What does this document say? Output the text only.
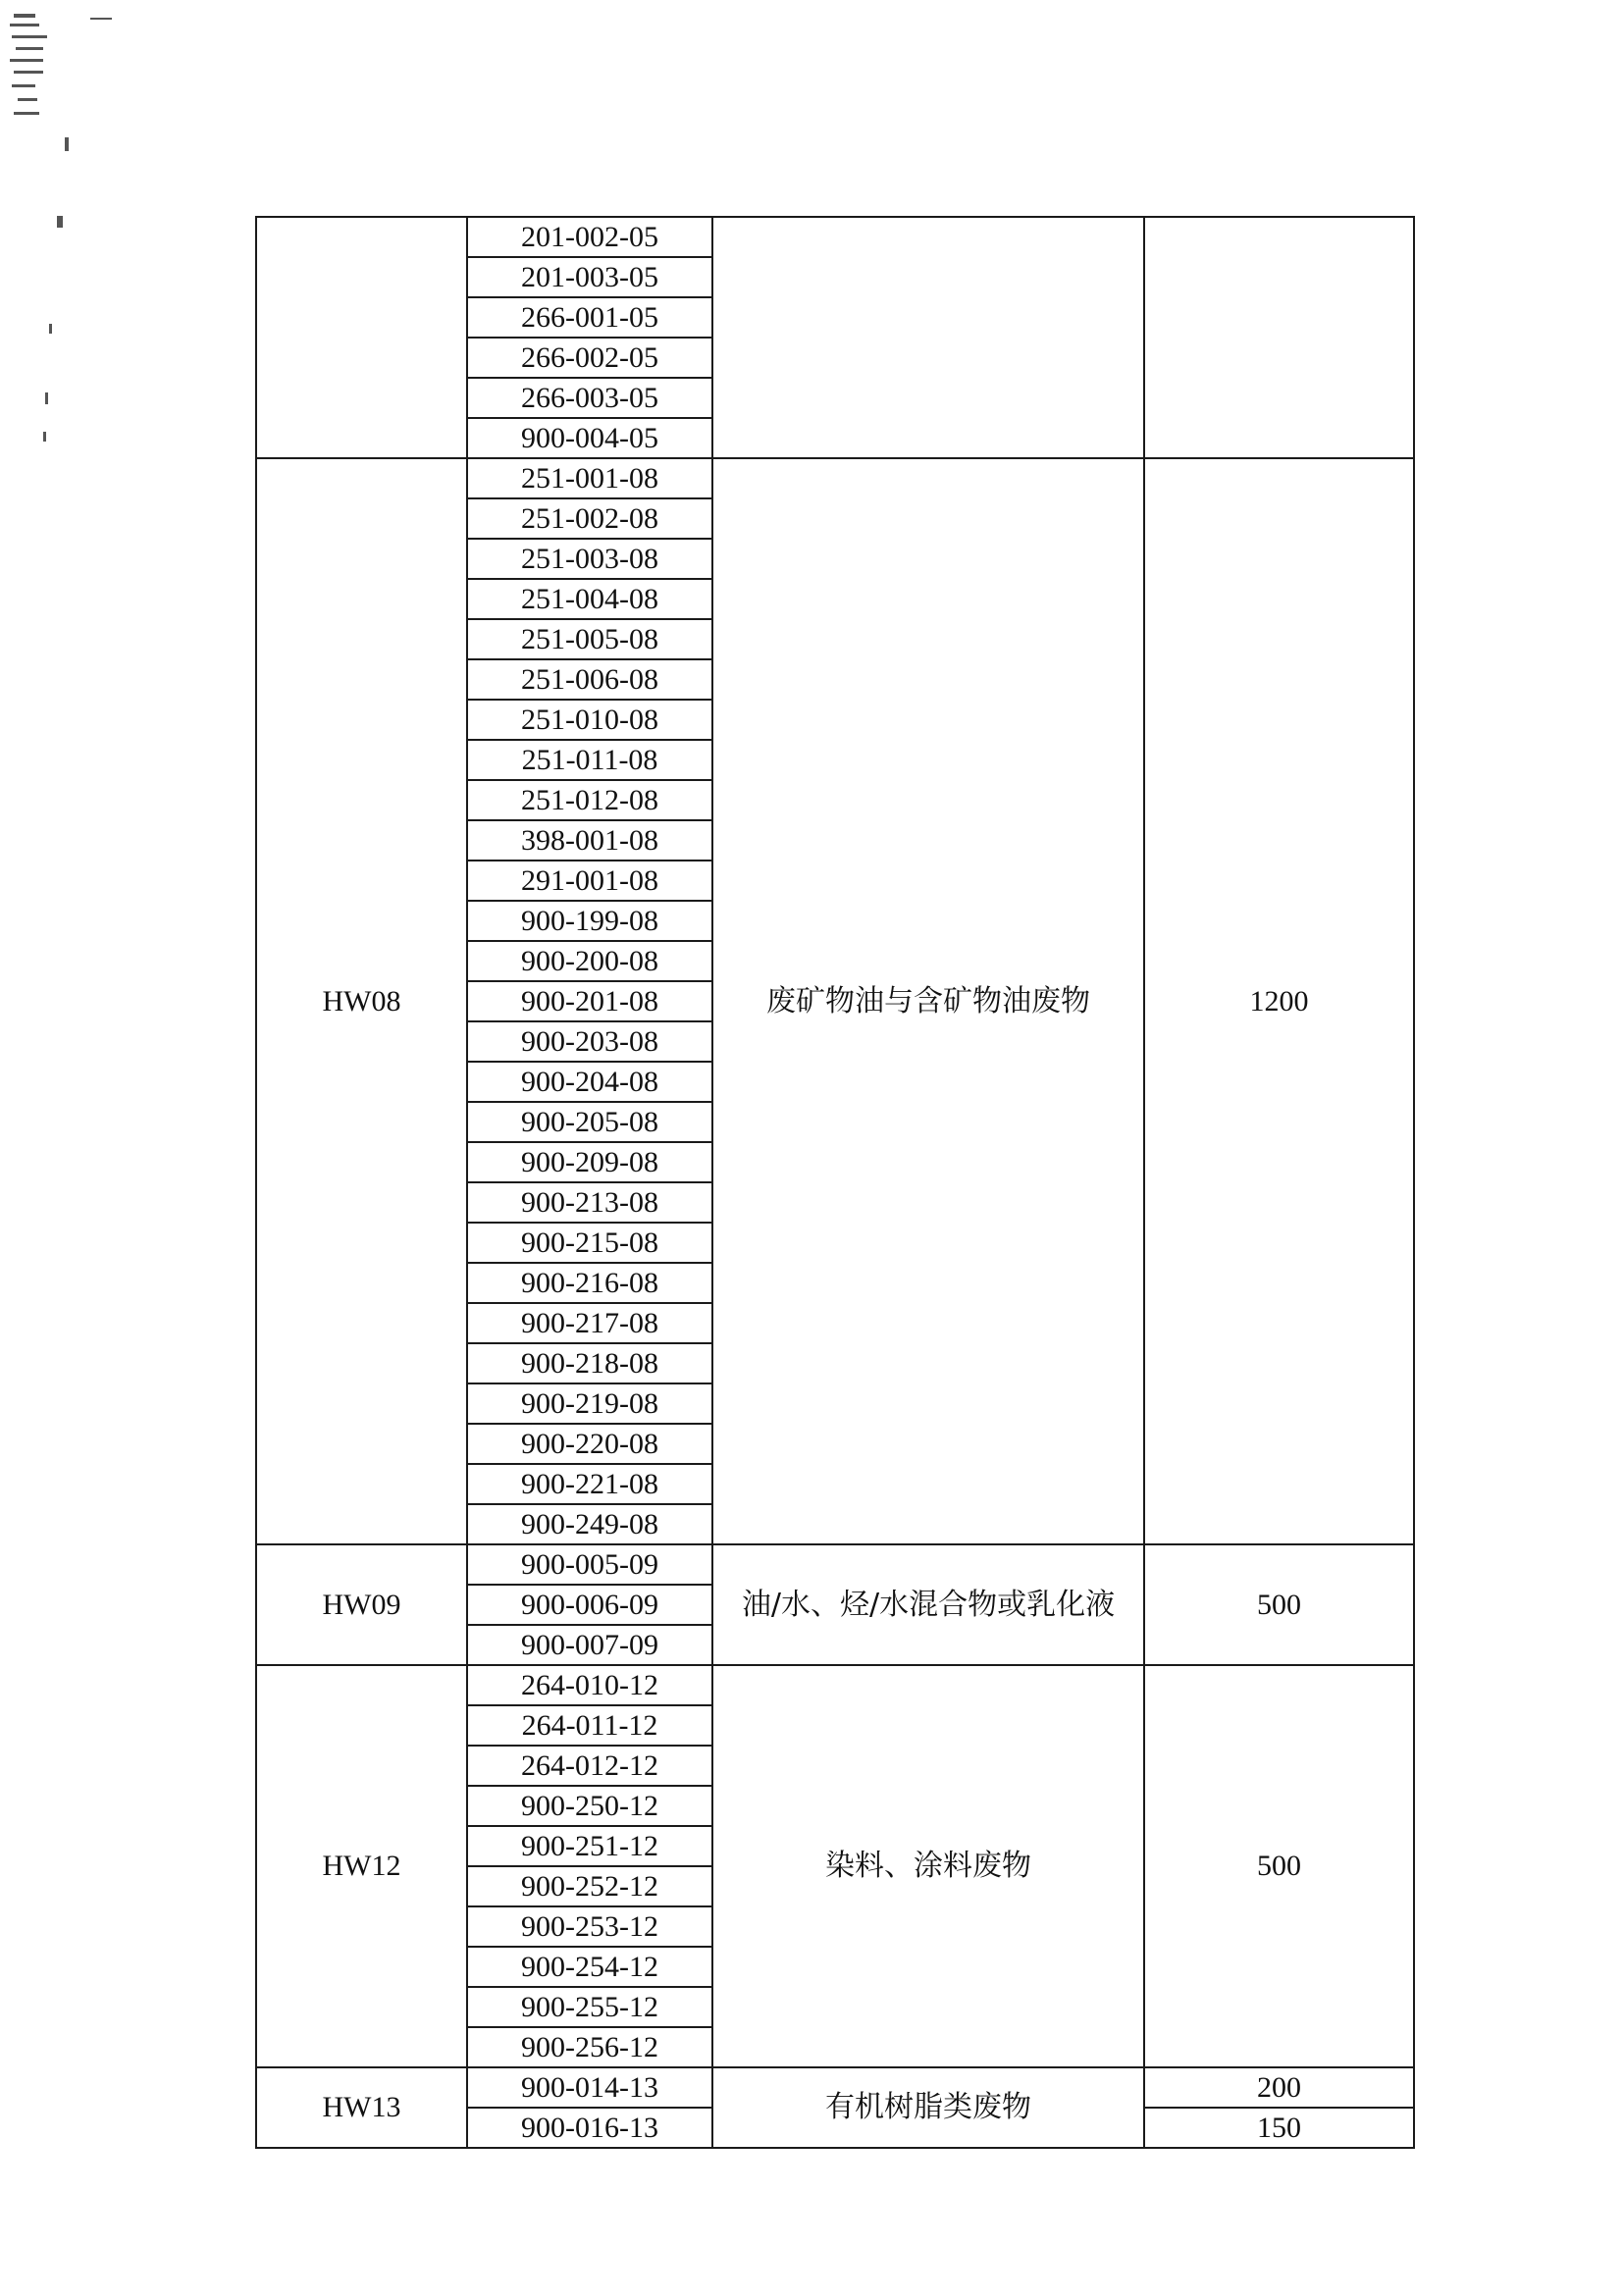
	201-002-05		
	201-003-05		
	266-001-05		
	266-002-05		
	266-003-05		
	900-004-05		
HW08	251-001-08	废矿物油与含矿物油废物	1200
	251-002-08		
	251-003-08		
	251-004-08		
	251-005-08		
	251-006-08		
	251-010-08		
	251-011-08		
	251-012-08		
	398-001-08		
	291-001-08		
	900-199-08		
	900-200-08		
	900-201-08		
	900-203-08		
	900-204-08		
	900-205-08		
	900-209-08		
	900-213-08		
	900-215-08		
	900-216-08		
	900-217-08		
	900-218-08		
	900-219-08		
	900-220-08		
	900-221-08		
	900-249-08		
HW09	900-005-09	油/水、烃/水混合物或乳化液	500
	900-006-09		
	900-007-09		
HW12	264-010-12	染料、涂料废物	500
	264-011-12		
	264-012-12		
	900-250-12		
	900-251-12		
	900-252-12		
	900-253-12		
	900-254-12		
	900-255-12		
	900-256-12		
HW13	900-014-13	有机树脂类废物	200
	900-016-13		150
